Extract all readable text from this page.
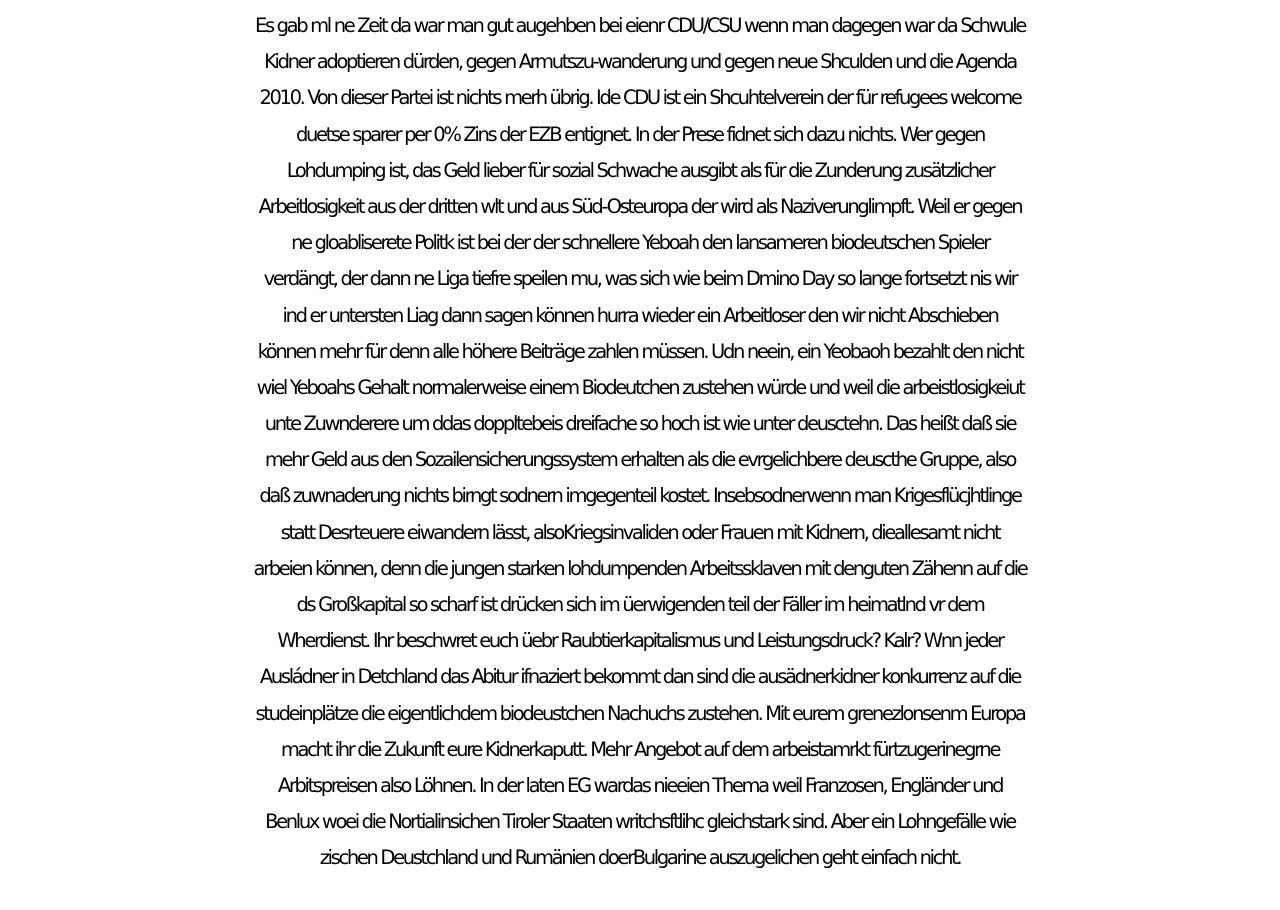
Es gab ml ne Zeit da war man gut augehben bei eienr CDU/CSU wenn man dagegen war da Schwule
Kidner adoptieren dürden, gegen Armutszu-wanderung und gegen neue Shculden und die Agenda
2010. Von dieser Partei ist nichts merh übrig. Ide CDU ist ein Shcuhtelverein der für refugees welcome
duetse sparer per 0% Zins der EZB entignet. In der Prese fidnet sich dazu nichts. Wer gegen
Lohdumping ist, das Geld lieber für sozial Schwache ausgibt als für die Zunderung zusätzlicher
Arbeitlosigkeit aus der dritten wlt und aus Süd-Osteuropa der wird als Naziverunglimpft. Weil er gegen
ne gloabliserete Politk ist bei der der schnellere Yeboah den lansameren biodeutschen Spieler
verdängt, der dann ne Liga tiefre speilen mu, was sich wie beim Dmino Day so lange fortsetzt nis wir
ind er untersten Liag dann sagen können hurra wieder ein Arbeitloser den wir nicht Abschieben
können mehr für denn alle höhere Beiträge zahlen müssen. Udn neein, ein Yeobaoh bezahlt den nicht
wiel Yeboahs Gehalt normalerweise einem Biodeutchen zustehen würde und weil die arbeistlosigkeiut
unte Zuwnderere um ddas doppltebeis dreifache so hoch ist wie unter deusctehn. Das heißt daß sie
mehr Geld aus den Sozailensicherungssystem erhalten als die evrgelichbere deuscthe Gruppe, also
daß zuwnaderung nichts birngt sodnern imgegenteil kostet. Insebsodnerwenn man Krigesflücjhtlinge
statt Desrteuere eiwandern lässt, alsoKriegsinvaliden oder Frauen mit Kidnern, dieallesamt nicht
arbeien können, denn die jungen starken lohdumpenden Arbeitssklaven mit denguten Zähenn auf die
ds Großkapital so scharf ist drücken sich im üerwigenden teil der Fäller im heimatlnd vr dem
Wherdienst. Ihr beschwret euch üebr Raubtierkapitalismus und Leistungsdruck? Kalr? Wnn jeder
Ausládner in Detchland das Abitur ifnaziert bekommt dan sind die ausädnerkidner konkurrenz auf die
studeinplätze die eigentlichdem biodeustchen Nachuchs zustehen. Mit eurem grenezlonsenm Europa
macht ihr die Zukunft eure Kidnerkaputt. Mehr Angebot auf dem arbeistamrkt fürtzugerinegrne
Arbitspreisen also Löhnen. In der laten EG wardas nieeien Thema weil Franzosen, Engländer und
Benlux woei die Nortialinsichen Tiroler Staaten writchsftlihc gleichstark sind. Aber ein Lohngefälle wie
zischen Deustchland und Rumänien doerBulgarine auszugelichen geht einfach nicht.
